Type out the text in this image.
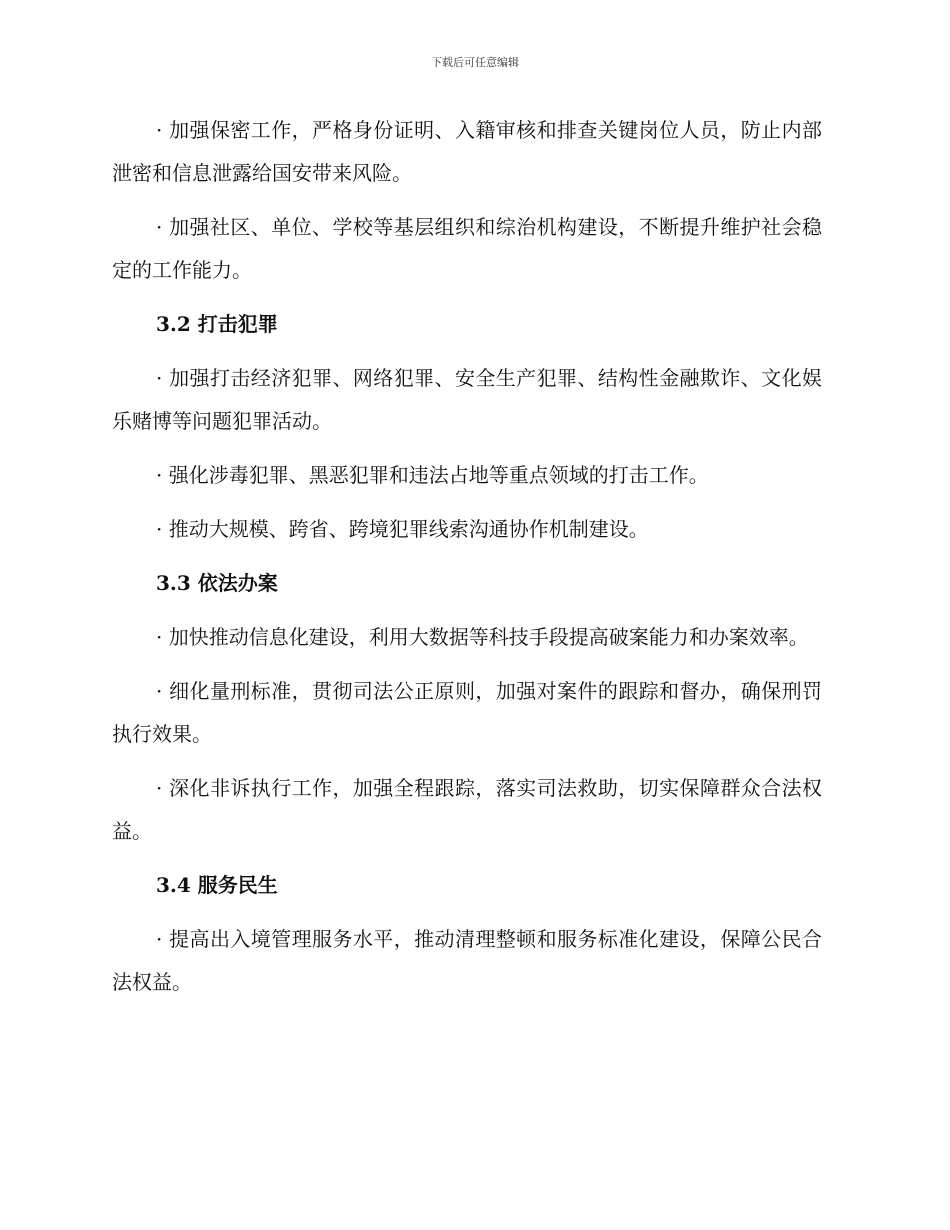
下载后可任意编辑

· 加强保密工作，严格身份证明、入籍审核和排查关键岗位人员，防止内部泄密和信息泄露给国安带来风险。

· 加强社区、单位、学校等基层组织和综治机构建设，不断提升维护社会稳定的工作能力。

3.2 打击犯罪

· 加强打击经济犯罪、网络犯罪、安全生产犯罪、结构性金融欺诈、文化娱乐赌博等问题犯罪活动。

· 强化涉毒犯罪、黑恶犯罪和违法占地等重点领域的打击工作。

· 推动大规模、跨省、跨境犯罪线索沟通协作机制建设。

3.3 依法办案

· 加快推动信息化建设，利用大数据等科技手段提高破案能力和办案效率。

· 细化量刑标准，贯彻司法公正原则，加强对案件的跟踪和督办，确保刑罚执行效果。

· 深化非诉执行工作，加强全程跟踪，落实司法救助，切实保障群众合法权益。

3.4 服务民生

· 提高出入境管理服务水平，推动清理整顿和服务标准化建设，保障公民合法权益。
